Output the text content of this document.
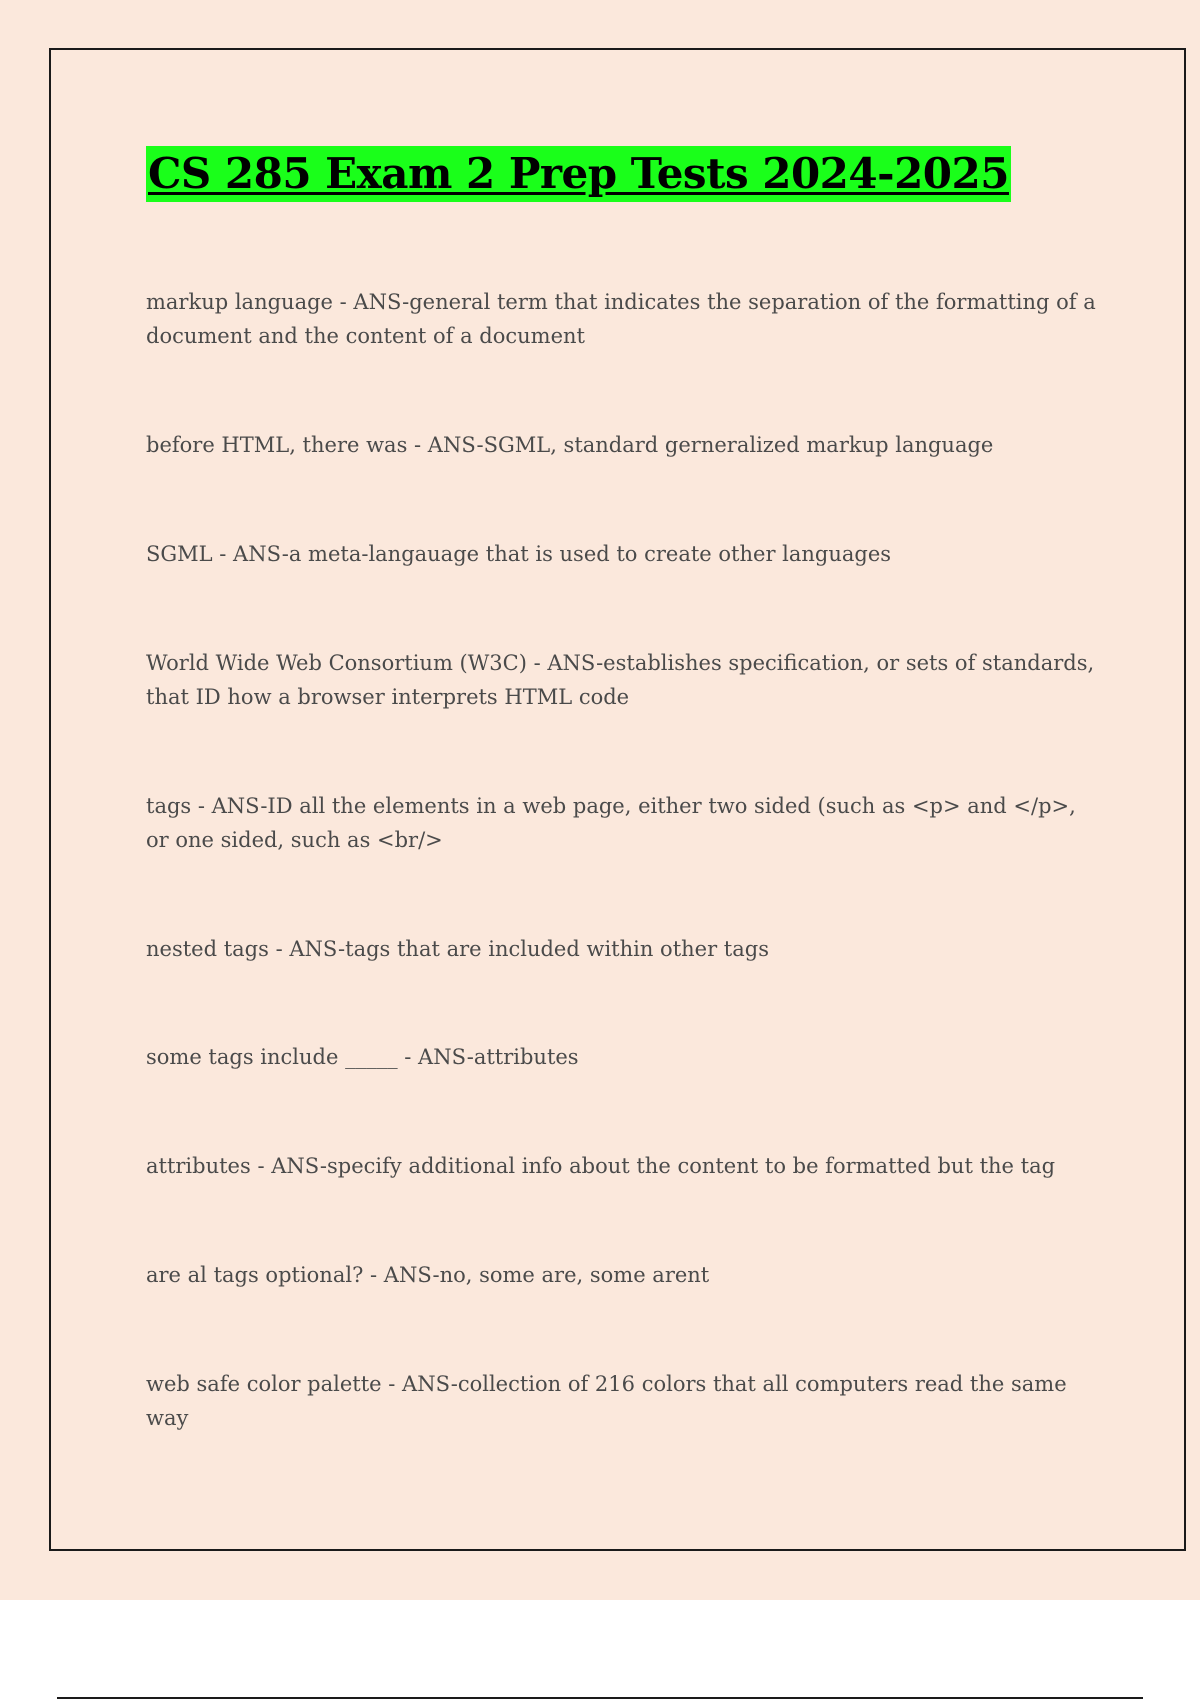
CS 285 Exam 2 Prep Tests 2024-2025

markup language - ANS-general term that indicates the separation of the formatting of a document and the content of a document

before HTML, there was - ANS-SGML, standard gerneralized markup language

SGML - ANS-a meta-langauage that is used to create other languages

World Wide Web Consortium (W3C) - ANS-establishes specification, or sets of standards, that ID how a browser interprets HTML code

tags - ANS-ID all the elements in a web page, either two sided (such as <p> and </p>, or one sided, such as <br/>

nested tags - ANS-tags that are included within other tags

some tags include _____ - ANS-attributes

attributes - ANS-specify additional info about the content to be formatted but the tag

are al tags optional? - ANS-no, some are, some arent

web safe color palette - ANS-collection of 216 colors that all computers read the same way
